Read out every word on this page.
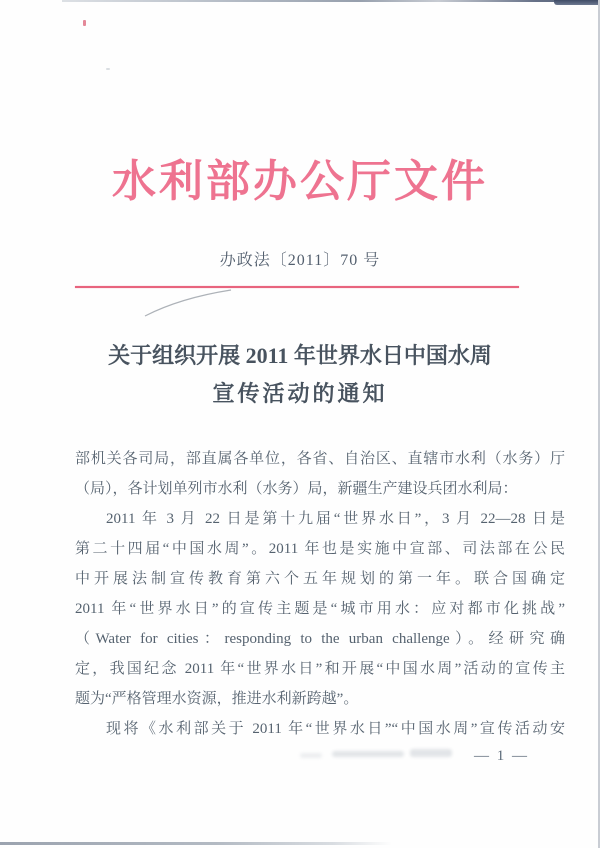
水利部办公厅文件
办政法〔2011〕70 号
关于组织开展 2011 年世界水日中国水周
宣传活动的通知
部机关各司局，部直属各单位，各省、自治区、直辖市水利（水务）厅
（局），各计划单列市水利（水务）局，新疆生产建设兵团水利局：
2011 年 3 月 22 日是第十九届“世界水日”，3 月 22—28 日是
第二十四届“中国水周”。2011 年也是实施中宣部、司法部在公民
中开展法制宣传教育第六个五年规划的第一年。联合国确定
2011 年“世界水日”的宣传主题是“城市用水：应对都市化挑战”
（Water for cities：responding to the urban challenge）。经研究确
定，我国纪念 2011 年“世界水日”和开展“中国水周”活动的宣传主
题为“严格管理水资源，推进水利新跨越”。
现将《水利部关于 2011 年“世界水日”“中国水周”宣传活动安
— 1 —
